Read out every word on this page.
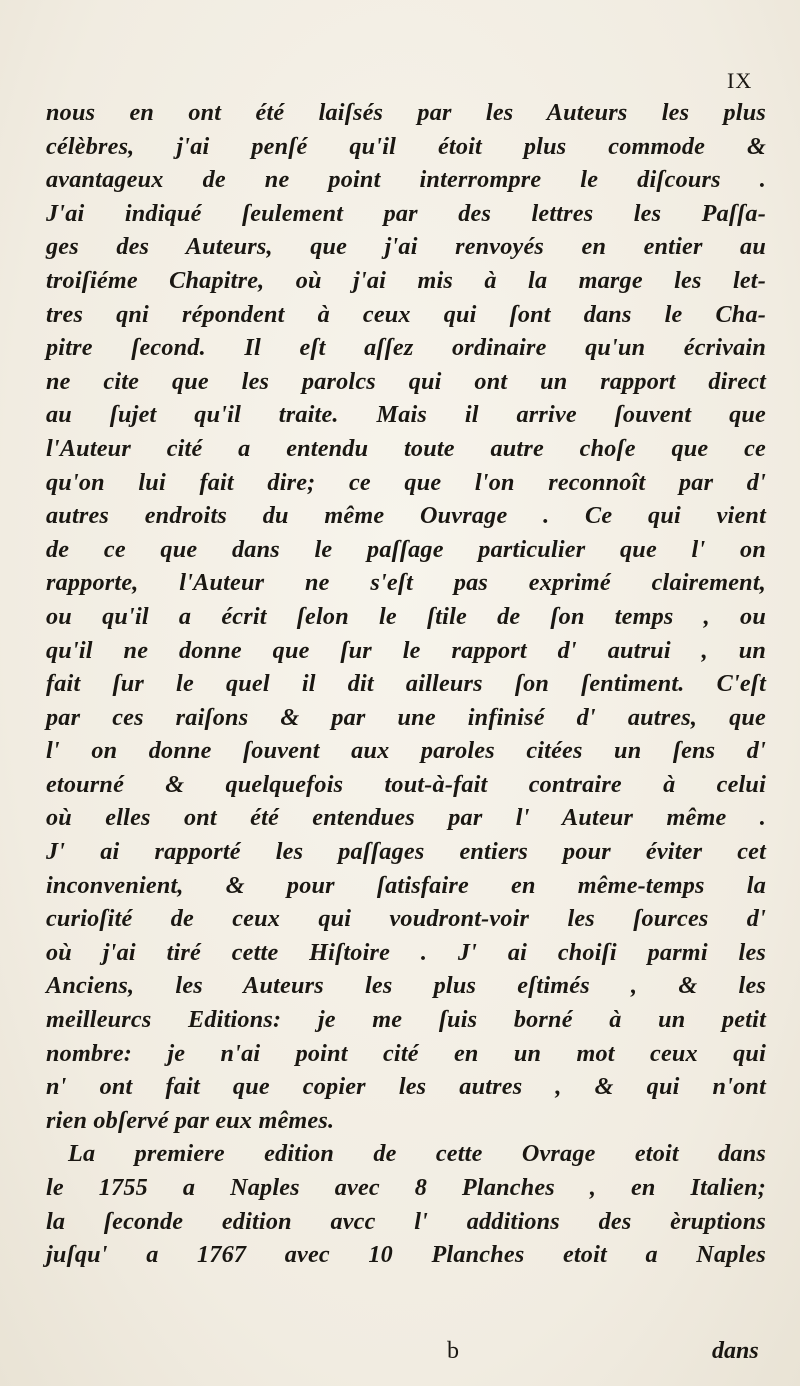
IX
nous en ont été laiſsés par les Auteurs les plus
célèbres, j'ai penſé qu'il étoit plus commode &
avantageux de ne point interrompre le diſcours .
J'ai indiqué ſeulement par des lettres les Paſſa-
ges des Auteurs, que j'ai renvoyés en entier au
troiſiéme Chapitre, où j'ai mis à la marge les let-
tres qni répondent à ceux qui ſont dans le Cha-
pitre ſecond. Il eſt aſſez ordinaire qu'un écrivain
ne cite que les parolcs qui ont un rapport direct
au ſujet qu'il traite. Mais il arrive ſouvent que
l'Auteur cité a entendu toute autre choſe que ce
qu'on lui fait dire; ce que l'on reconnoît par d'
autres endroits du même Ouvrage . Ce qui vient
de ce que dans le paſſage particulier que l' on
rapporte, l'Auteur ne s'eſt pas exprimé clairement,
ou qu'il a écrit ſelon le ſtile de ſon temps , ou
qu'il ne donne que ſur le rapport d' autrui , un
fait ſur le quel il dit ailleurs ſon ſentiment. C'eſt
par ces raiſons & par une infinisé d' autres, que
l' on donne ſouvent aux paroles citées un ſens d'
etourné & quelquefois tout-à-fait contraire à celui
où elles ont été entendues par l' Auteur même .
J' ai rapporté les paſſages entiers pour éviter cet
inconvenient, & pour ſatisfaire en même-temps la
curioſité de ceux qui voudront-voir les ſources d'
où j'ai tiré cette Hiſtoire . J' ai choiſi parmi les
Anciens, les Auteurs les plus eſtimés , & les
meilleurcs Editions: je me ſuis borné à un petit
nombre: je n'ai point cité en un mot ceux qui
n' ont fait que copier les autres , & qui n'ont
rien obſervé par eux mêmes.
La premiere edition de cette Ovrage etoit dans
le 1755 a Naples avec 8 Planches , en Italien;
la ſeconde edition avcc l' additions des èruptions
juſqu' a 1767 avec 10 Planches etoit a Naples
b	dans
